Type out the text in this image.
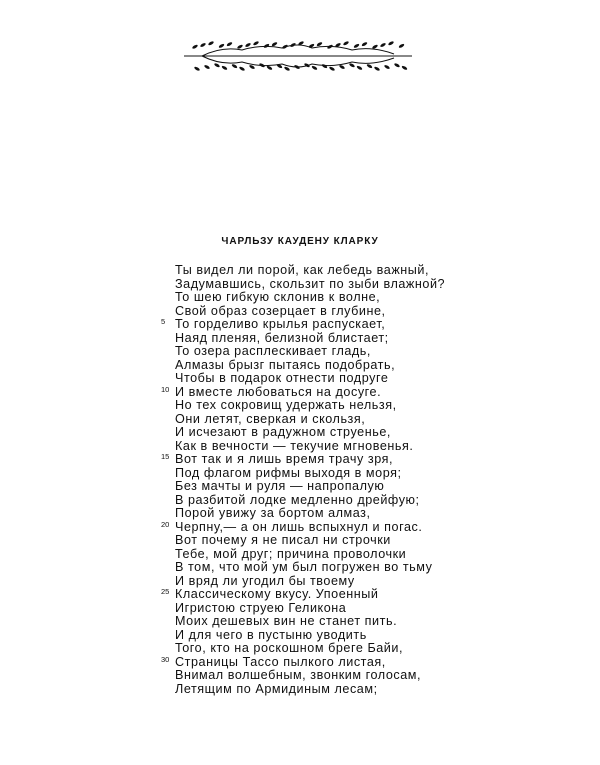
ЧАРЛЬЗУ КАУДЕНУ КЛАРКУ
Ты видел ли порой, как лебедь важный,
Задумавшись, скользит по зыби влажной?
То шею гибкую склонив к волне,
Свой образ созерцает в глубине,
5 То горделиво крылья распускает,
Наяд пленяя, белизной блистает;
То озера расплескивает гладь,
Алмазы брызг пытаясь подобрать,
Чтобы в подарок отнести подруге
10 И вместе любоваться на досуге.
Но тех сокровищ удержать нельзя,
Они летят, сверкая и скользя,
И исчезают в радужном струенье,
Как в вечности — текучие мгновенья.
15 Вот так и я лишь время трачу зря,
Под флагом рифмы выходя в моря;
Без мачты и руля — напропалую
В разбитой лодке медленно дрейфую;
Порой увижу за бортом алмаз,
20 Черпну,— а он лишь вспыхнул и погас.
Вот почему я не писал ни строчки
Тебе, мой друг; причина проволочки
В том, что мой ум был погружен во тьму
И вряд ли угодил бы твоему
25 Классическому вкусу. Упоенный
Игристою струею Геликона
Моих дешевых вин не станет пить.
И для чего в пустыню уводить
Того, кто на роскошном бреге Байи,
30 Страницы Тассо пылкого листая,
Внимал волшебным, звонким голосам,
Летящим по Армидиным лесам;
